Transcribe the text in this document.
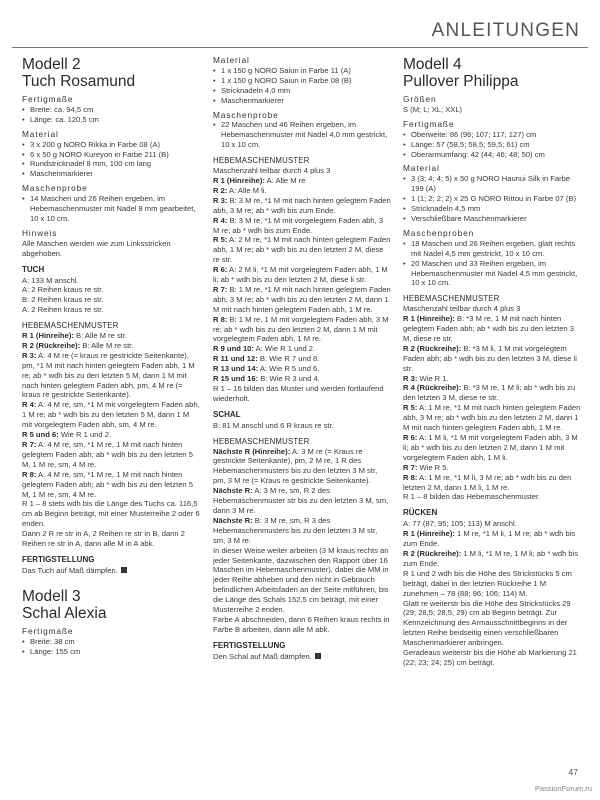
ANLEITUNGEN
Modell 2
Tuch Rosamund
Fertigmaße
• Breite: ca. 94,5 cm
• Länge: ca. 120,5 cm
Material
• 3 x 200 g NORO Rikka in Farbe 08 (A)
• 6 x 50 g NORO Kureyon in Farbe 211 (B)
• Rundstricknadel 8 mm, 100 cm lang
• Maschenmarkierer
Maschenprobe
• 14 Maschen und 26 Reihen ergeben, im Hebemaschenmuster mit Nadel 8 mm gearbeitet, 10 x 10 cm.
Hinweis

Alle Maschen werden wie zum Linksstricken abgehoben.

TUCH

A: 133 M anschl.

A: 2 Reihen kraus re str.

B: 2 Reihen kraus re str.

A: 2 Reihen kraus re str.

HEBEMASCHENMUSTER

R 1 (Hinreihe): B: Alle M re str.

R 2 (Rückreihe): B: Alle M re str.

R 3: A: 4 M re (= kraus re gestrickte Seitenkante), pm, *1 M mit nach hinten gelegtem Faden abh, 1 M re; ab * wdh bis zu den letzten 5 M, dann 1 M mit nach hinten gelegtem Faden abh, pm, 4 M re (= kraus re gestrickte Seitenkante).

R 4: A: 4 M re, sm, *1 M mit vorgelegtem Faden abh, 1 M re; ab * wdh bis zu den letzten 5 M, dann 1 M mit vorgelegtem Faden abh, sm, 4 M re.

R 5 und 6: Wie R 1 und 2.

R 7: A: 4 M re, sm, *1 M re, 1 M mit nach hinten gelegtem Faden abh; ab * wdh bis zu den letzten 5 M, 1 M re, sm, 4 M re.

R 8: A: 4 M re, sm, *1 M re, 1 M mit nach hinten gelegtem Faden abh; ab * wdh bis zu den letzten 5 M, 1 M re, sm, 4 M re.

R 1 – 8 stets wdh bis die Länge des Tuchs ca. 116,5 cm ab Beginn beträgt, mit einer Musterreihe 2 oder 6 enden.

Dann 2 R re str in A, 2 Reihen re str in B, dann 2 Reihen re str in A, dann alle M in A abk.

FERTIGSTELLUNG

Das Tuch auf Maß dämpfen.

Modell 3
Schal Alexia
Fertigmaße
• Breite: 38 cm
• Länge: 155 cm
Material
• 1 x 150 g NORO Saiun in Farbe 11 (A)
• 1 x 150 g NORO Saiun in Farbe 08 (B)
• Stricknadeln 4,0 mm
• Maschenmarkierer
Maschenprobe
• 22 Maschen und 46 Reihen ergeben, im Hebemaschenmuster mit Nadel 4,0 mm gestrickt, 10 x 10 cm.
HEBEMASCHENMUSTER

Maschenzahl teilbar durch 4 plus 3

R 1 (Hinreihe): A: Alle M re

R 2: A: Alle M li.

R 3: B: 3 M re, *1 M mit nach hinten gelegtem Faden abh, 3 M re; ab * wdh bis zum Ende.

R 4: B: 3 M re, *1 M mit vorgelegtem Faden abh, 3 M re; ab * wdh bis zum Ende.

R 5: A: 2 M re, *1 M mit nach hinten gelegtem Faden abh, 1 M re; ab * wdh bis zu den letzten 2 M, diese re str.

R 6: A: 2 M li, *1 M mit vorgelegtem Faden abh, 1 M li; ab * wdh bis zu den letzten 2 M, diese li str.

R 7: B: 1 M re, *1 M mit nach hinten gelegtem Faden abh, 3 M re; ab * wdh bis zu den letzten 2 M, dann 1 M mit nach hinten gelegtem Faden abh, 1 M re.

R 8: B: 1 M re, 1 M mit vorgelegtem Faden abh, 3 M re; ab * wdh bis zu den letzten 2 M, dann 1 M mit vorgelegtem Faden abh, 1 M re.

R 9 und 10: A: Wie R 1 und 2.

R 11 und 12: B: Wie R 7 und 8.

R 13 und 14: A: Wie R 5 und 6.

R 15 und 16: B: Wie R 3 und 4.

R 1 – 16 bilden das Muster und werden fortlaufend wiederholt.

SCHAL

B: 81 M anschl und 6 R kraus re str.

HEBEMASCHENMUSTER

Nächste R (Hinreihe): A: 3 M re (= Kraus re gestrickte Seitenkante), pm, 2 M re, 1 R des Hebemaschenmusters bis zu den letzten 3 M str, pm, 3 M re (= Kraus re gestrickte Seitenkante).

Nächste R: A: 3 M re, sm, R 2 des Hebemaschenmuster str bis zu den letzten 3 M, sm, dann 3 M re.

Nächste R: B: 3 M re, sm, R 3 des Hebemaschenmusters bis zu den letzten 3 M str, sm, 3 M re.

In dieser Weise weiter arbeiten (3 M kraus rechts an jeder Seitenkante, dazwischen den Rapport über 16 Maschen im Hebemaschenmuster), dabei die MM in jeder Reihe abheben und den nicht in Gebrauch befindlichen Arbeitsfaden an der Seite mitführen, bis die Länge des Schals 152,5 cm beträgt, mit einer Musterreihe 2 enden.

Farbe A abschneiden, dann 6 Reihen kraus rechts in Farbe B arbeiten, dann alle M abk.

FERTIGSTELLUNG

Den Schal auf Maß dämpfen.

Modell 4
Pullover Philippa
Größen

S (M; L; XL; XXL)

Fertigmaße
• Oberweite: 86 (96; 107; 117; 127) cm
• Länge: 57 (58,5; 58,5; 59,5; 61) cm
• Oberarmumfang: 42 (44; 46; 48; 50) cm
Material
• 3 (3; 4; 4; 5) x 50 g NORO Haunui Silk in Farbe 199 (A)
• 1 (1; 2; 2; 2) x 25 G NORO Rittou in Farbe 07 (B)
• Stricknadeln 4,5 mm
• Verschließbare Maschenmarkierer
Maschenproben
• 18 Maschen und 26 Reihen ergeben, glatt rechts mit Nadel 4,5 mm gestrickt, 10 x 10 cm.
• 20 Maschen und 33 Reihen ergeben, im Hebemaschenmuster mit Nadel 4,5 mm gestrickt, 10 x 10 cm.
HEBEMASCHENMUSTER

Maschenzahl teilbar durch 4 plus 3

R 1 (Hinreihe): B: *3 M re, 1 M mit nach hinten gelegtem Faden abh; ab * wdh bis zu den letzten 3 M, diese re str.

R 2 (Rückreihe): B: *3 M li, 1 M mit vorgelegtem Faden abh; ab * wdh bis zu den letzten 3 M, diese li str.

R 3: Wie R 1.

R 4 (Rückreihe): B: *3 M re, 1 M li; ab * wdh bis zu den letzten 3 M, diese re str.

R 5: A: 1 M re, *1 M mit nach hinten gelegtem Faden abh, 3 M re; ab * wdh bis zu den letzten 2 M, dann 1 M mit nach hinten gelegtem Faden abh, 1 M re.

R 6: A: 1 M li, *1 M mit vorgelegtem Faden abh, 3 M li; ab * wdh bis zu den letzten 2 M, dann 1 M mit vorgelegtem Faden abh, 1 M li.

R 7: Wie R 5.

R 8: A: 1 M re, *1 M li, 3 M re; ab * wdh bis zu den letzten 2 M, dann 1 M li, 1 M re.

R 1 – 8 bilden das Hebemaschenmuster.

RÜCKEN

A: 77 (87; 95; 105; 113) M anschl.

R 1 (Hinreihe): 1 M re, *1 M li, 1 M re; ab * wdh bis zum Ende.

R 2 (Rückreihe): 1 M li, *1 M re, 1 M li; ab * wdh bis zum Ende.

R 1 und 2 wdh bis die Höhe des Strickstücks 5 cm beträgt, dabei in der letzten Rückreihe 1 M zunehmen – 78 (88; 96; 106; 114) M.

Glatt re weiterstr bis die Höhe des Strickstücks 29 (29; 28,5; 28,5; 29) cm ab Beginn beträgt. Zur Kennzeichnung des Armausschnittbeginns in der letzten Reihe beidseitig einen verschließbaren Maschenmarkierer anbringen.

Geradeaus weiterstr bis die Höhe ab Markierung 21 (22; 23; 24; 25) cm beträgt.

47
PassionForum.ru
